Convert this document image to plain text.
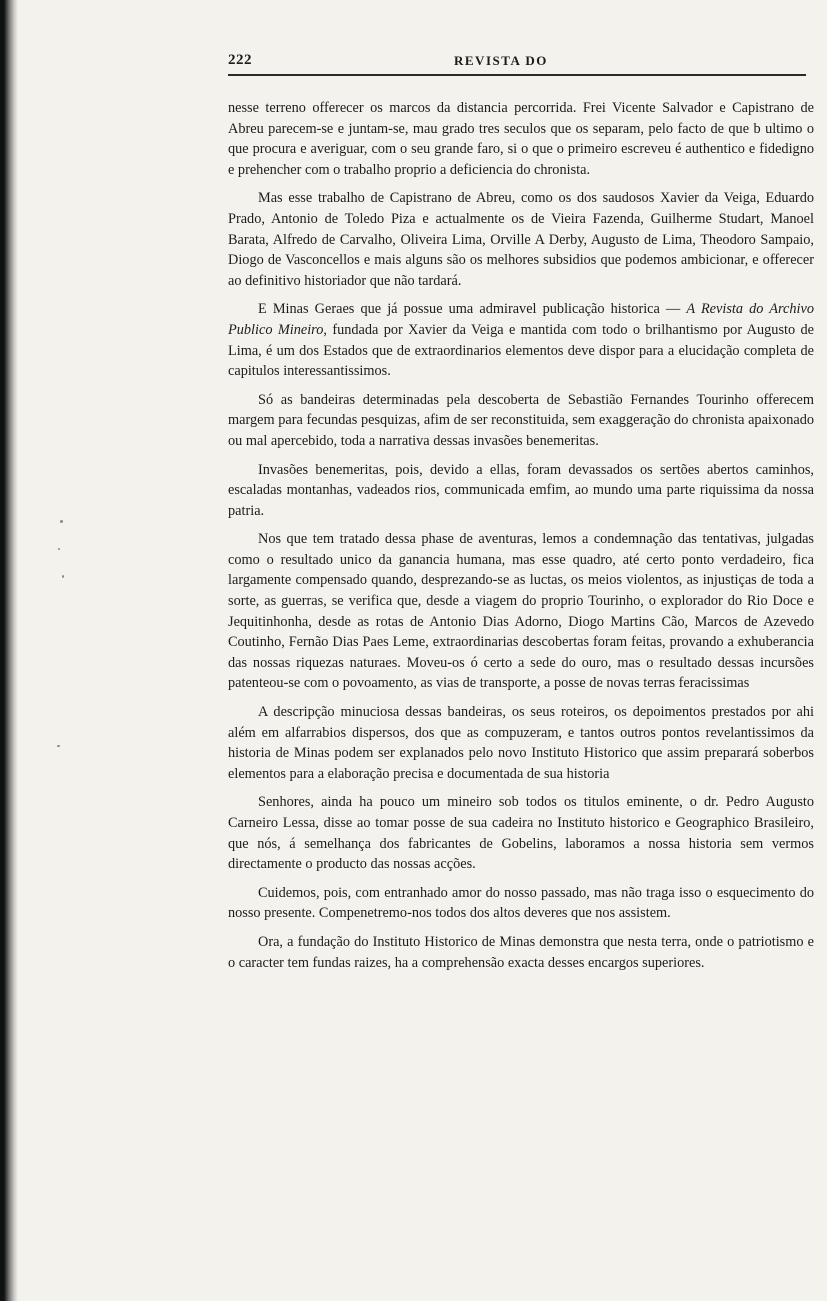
222	REVISTA DO

nesse terreno offerecer os marcos da distancia percorrida. Frei Vicente Salvador e Capistrano de Abreu parecem-se e juntam-se, mau grado tres seculos que os separam, pelo facto de que b ultimo o que procura e averiguar, com o seu grande faro, si o que o primeiro escreveu é authentico e fidedigno e prehencher com o trabalho proprio a deficiencia do chronista.

Mas esse trabalho de Capistrano de Abreu, como os dos saudosos Xavier da Veiga, Eduardo Prado, Antonio de Toledo Piza e actualmente os de Vieira Fazenda, Guilherme Studart, Manoel Barata, Alfredo de Carvalho, Oliveira Lima, Orville A Derby, Augusto de Lima, Theodoro Sampaio, Diogo de Vasconcellos e mais alguns são os melhores subsidios que podemos ambicionar, e offerecer ao definitivo historiador que não tardará.

E Minas Geraes que já possue uma admiravel publicação historica — A Revista do Archivo Publico Mineiro, fundada por Xavier da Veiga e mantida com todo o brilhantismo por Augusto de Lima, é um dos Estados que de extraordinarios elementos deve dispor para a elucidação completa de capitulos interessantissimos.

Só as bandeiras determinadas pela descoberta de Sebastião Fernandes Tourinho offerecem margem para fecundas pesquizas, afim de ser reconstituida, sem exaggeração do chronista apaixonado ou mal apercebido, toda a narrativa dessas invasões benemeritas.

Invasões benemeritas, pois, devido a ellas, foram devassados os sertões abertos caminhos, escaladas montanhas, vadeados rios, communicada emfim, ao mundo uma parte riquissima da nossa patria.

Nos que tem tratado dessa phase de aventuras, lemos a condemnação das tentativas, julgadas como o resultado unico da ganancia humana, mas esse quadro, até certo ponto verdadeiro, fica largamente compensado quando, desprezando-se as luctas, os meios violentos, as injustiças de toda a sorte, as guerras, se verifica que, desde a viagem do proprio Tourinho, o explorador do Rio Doce e Jequitinhonha, desde as rotas de Antonio Dias Adorno, Diogo Martins Cão, Marcos de Azevedo Coutinho, Fernão Dias Paes Leme, extraordinarias descobertas foram feitas, provando a exhuberancia das nossas riquezas naturaes. Moveu-os ó certo a sede do ouro, mas o resultado dessas incursões patenteou-se com o povoamento, as vias de transporte, a posse de novas terras feracissimas

A descripção minuciosa dessas bandeiras, os seus roteiros, os depoimentos prestados por ahi além em alfarrabios dispersos, dos que as compuzeram, e tantos outros pontos revelantissimos da historia de Minas podem ser explanados pelo novo Instituto Historico que assim preparará soberbos elementos para a elaboração precisa e documentada de sua historia

Senhores, ainda ha pouco um mineiro sob todos os titulos eminente, o dr. Pedro Augusto Carneiro Lessa, disse ao tomar posse de sua cadeira no Instituto historico e Geographico Brasileiro, que nós, á semelhança dos fabricantes de Gobelins, laboramos a nossa historia sem vermos directamente o producto das nossas acções.

Cuidemos, pois, com entranhado amor do nosso passado, mas não traga isso o esquecimento do nosso presente. Compenetremo-nos todos dos altos deveres que nos assistem.

Ora, a fundação do Instituto Historico de Minas demonstra que nesta terra, onde o patriotismo e o caracter tem fundas raizes, ha a comprehensão exacta desses encargos superiores.
